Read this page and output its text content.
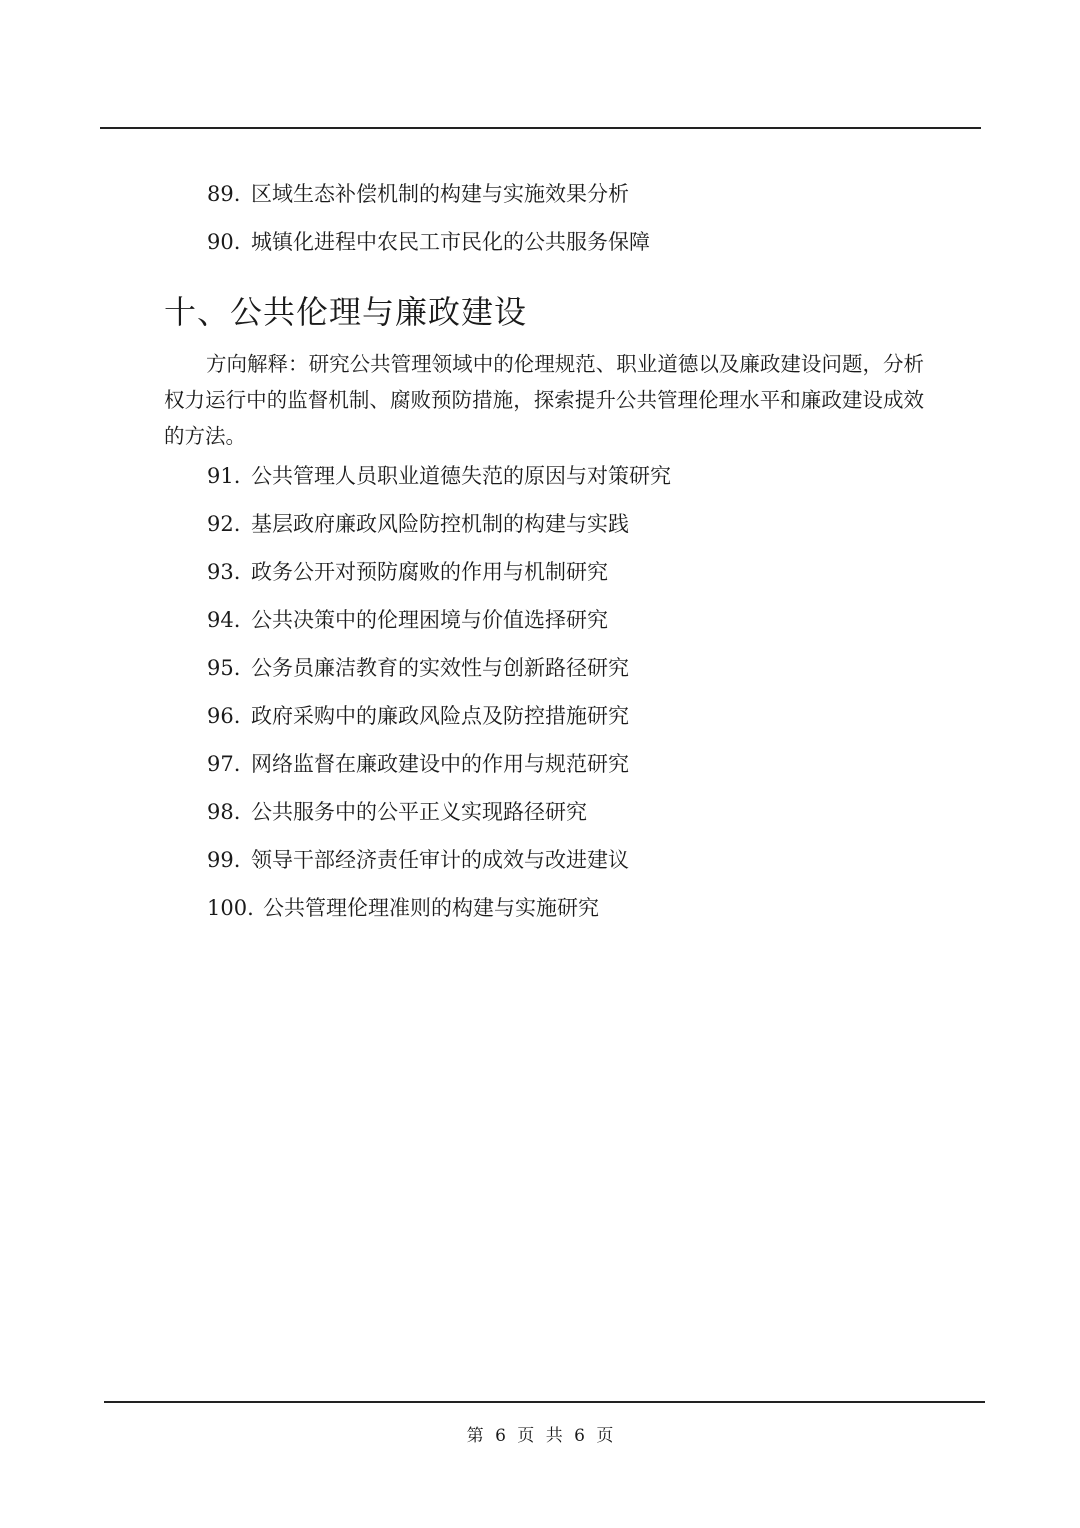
89. 区域生态补偿机制的构建与实施效果分析
90. 城镇化进程中农民工市民化的公共服务保障
十、公共伦理与廉政建设
方向解释：研究公共管理领域中的伦理规范、职业道德以及廉政建设问题，分析权力运行中的监督机制、腐败预防措施，探索提升公共管理伦理水平和廉政建设成效的方法。
91. 公共管理人员职业道德失范的原因与对策研究
92. 基层政府廉政风险防控机制的构建与实践
93. 政务公开对预防腐败的作用与机制研究
94. 公共决策中的伦理困境与价值选择研究
95. 公务员廉洁教育的实效性与创新路径研究
96. 政府采购中的廉政风险点及防控措施研究
97. 网络监督在廉政建设中的作用与规范研究
98. 公共服务中的公平正义实现路径研究
99. 领导干部经济责任审计的成效与改进建议
100. 公共管理伦理准则的构建与实施研究
第 6 页 共 6 页
